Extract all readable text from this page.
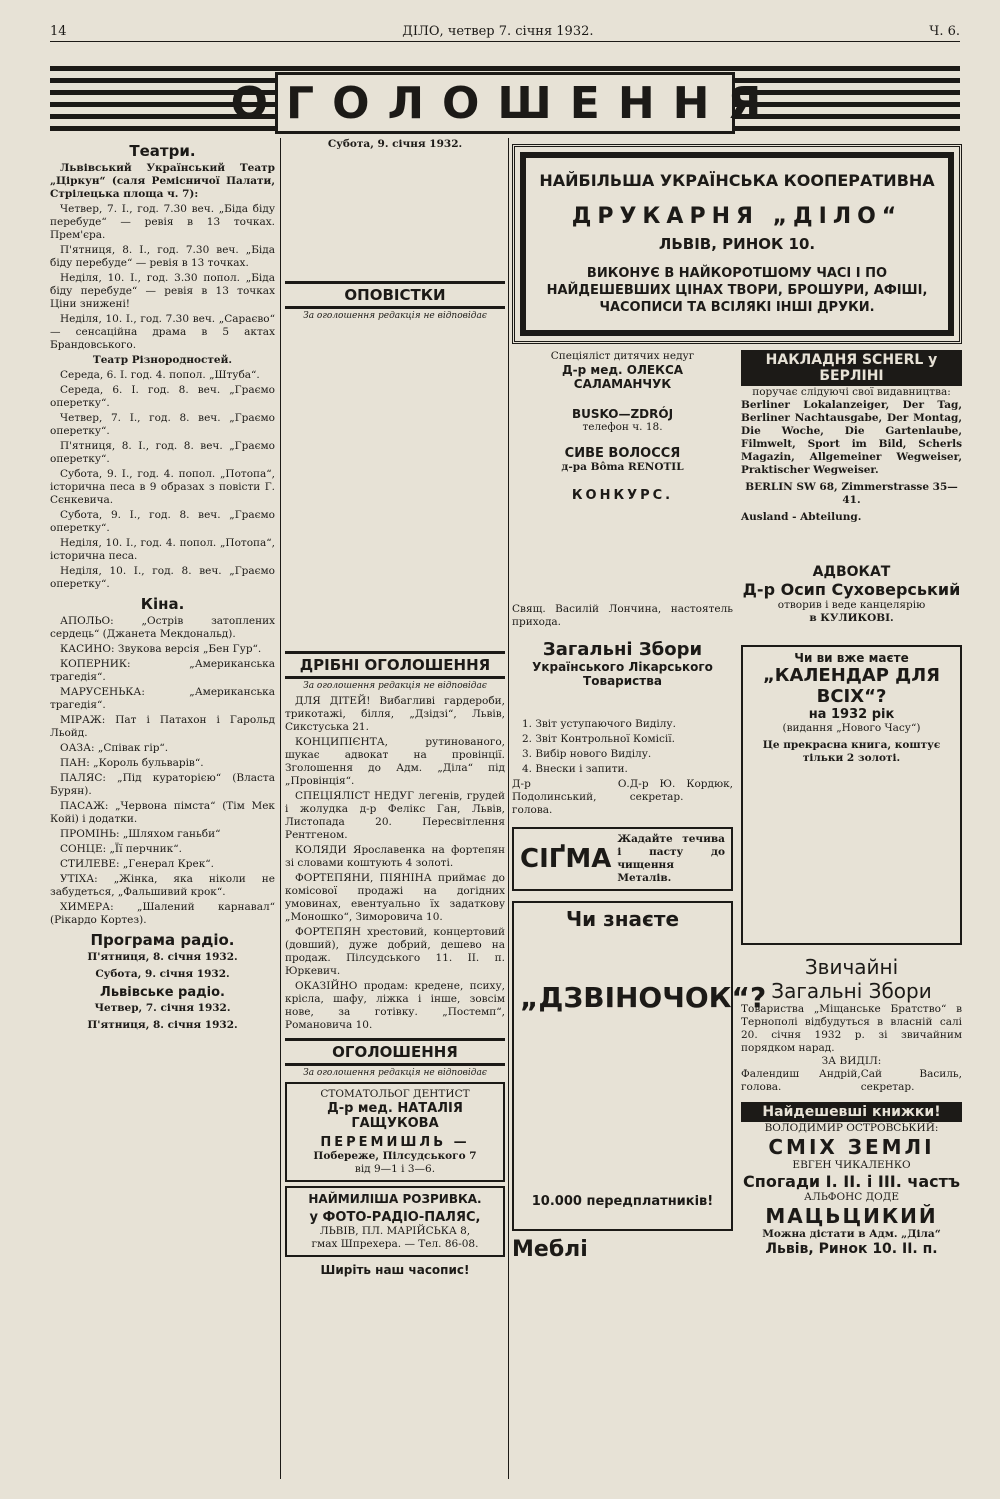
14	ДІЛО, четвер 7. січня 1932.	Ч. 6.
ОГОЛОШЕННЯ
Театри.

Львівський Український Театр „Ціркун“ (саля Ремісничої Палати, Стрілецька площа ч. 7):

Четвер, 7. І., год. 7.30 веч. „Біда біду перебуде“ — ревія в 13 точках. Прем'єра.

П'ятниця, 8. І., год. 7.30 веч. „Біда біду перебуде“ — ревія в 13 точках.

Неділя, 10. І., год. 3.30 попол. „Біда біду перебуде“ — ревія в 13 точках Ціни знижені!

Неділя, 10. І., год. 7.30 веч. „Сараєво“ — сенсаційна драма в 5 актах Брандовського.

Театр Різнородностей.

Середа, 6. І. год. 4. попол. „Штуба“.

Середа, 6. І. год. 8. веч. „Граємо оперетку“.

Четвер, 7. І., год. 8. веч. „Граємо оперетку“.

П'ятниця, 8. І., год. 8. веч. „Граємо оперетку“.

Субота, 9. І., год. 4. попол. „Потопа“, історична песа в 9 образах з повісти Г. Сєнкевича.

Субота, 9. І., год. 8. веч. „Граємо оперетку“.

Неділя, 10. І., год. 4. попол. „Потопа“, історична песа.

Неділя, 10. І., год. 8. веч. „Граємо оперетку“.

Кіна.

АПОЛЬО: „Острів затоплених сердець“ (Джанета Мекдональд).

КАСИНО: Звукова версія „Бен Гур“.

КОПЕРНИК: „Американська трагедія“.

МАРУСЕНЬКА: „Американська трагедія“.

МІРАЖ: Пат і Патахон і Гарольд Льойд.

ОАЗА: „Співак гір“.

ПАН: „Король бульварів“.

ПАЛЯС: „Під кураторією“ (Власта Бурян).

ПАСАЖ: „Червона пімста“ (Тім Мек Койі) і додатки.

ПРОМІНЬ: „Шляхом ганьби“

СОНЦЕ: „Її перчник“.

СТИЛЕВЕ: „Генерал Крек“.

УТІХА: „Жінка, яка ніколи не забудеться, „Фальшивий крок“.

ХИМЕРА: „Шалений карнавал“ (Рікардо Кортез).

Програма радіо.
П'ятниця, 8. січня 1932.
Субота, 9. січня 1932.
Львівське радіо.
Четвер, 7. січня 1932.
П'ятниця, 8. січня 1932.
Субота, 9. січня 1932.
ОПОВІСТКИ
За оголошення редакція не відповідає
ДРІБНІ ОГОЛОШЕННЯ
За оголошення редакція не відповідає

ДЛЯ ДІТЕЙ! Вибагливі гардероби, трикотажі, білля, „Дзідзі“, Львів, Сикстуська 21.

КОНЦИПІЄНТА, рутинованого, шукає адвокат на провінції. Зголошення до Адм. „Діла“ під „Провінція“.

СПЕЦІЯЛІСТ НЕДУГ легенів, грудей і жолудка д-р Фелікс Ган, Львів, Листопада 20. Пересвітлення Рентгеном.

КОЛЯДИ Ярославенка на фортепян зі словами коштують 4 золоті.

ФОРТЕПЯНИ, ПІЯНІНА приймає до комісової продажі на догідних умовинах, евентуально їх задаткову „Моношко“, Зиморовича 10.

ФОРТЕПЯН хрестовий, концертовий (довший), дуже добрий, дешево на продаж. Пілсудського 11. II. п. Юркевич.

ОКАЗІЙНО продам: кредене, психу, крісла, шафу, ліжка і інше, зовсім нове, за готівку. „Постемп“, Романовича 10.

ОГОЛОШЕННЯ
За оголошення редакція не відповідає
СТОМАТОЛЬОГ ДЕНТИСТ
Д-р мед. НАТАЛІЯ ГАЩУКОВА
ПЕРЕМИШЛЬ —
Побереже, Пілсудського 7
від 9—1 і 3—6.
НАЙМИЛІША РОЗРИВКА.
у ФОТО-РАДІО-ПАЛЯС,
ЛЬВІВ, ПЛ. МАРІЙСЬКА 8,
гмах Шпрехера. — Тел. 86-08.
Ширіть наш часопис!
НАЙБІЛЬША УКРАЇНСЬКА КООПЕРАТИВНА
ДРУКАРНЯ „ДІЛО“
ЛЬВІВ, РИНОК 10.
ВИКОНУЄ В НАЙКОРОТШОМУ ЧАСІ І ПО НАЙДЕШЕВШИХ ЦІНАХ ТВОРИ, БРОШУРИ, АФІШІ, ЧАСОПИСИ ТА ВСІЛЯКІ ІНШІ ДРУКИ.
Спеціяліст дитячих недуг
Д-р мед. ОЛЕКСА САЛАМАНЧУК
BUSKO—ZDRÓJ
телефон ч. 18.
СИВЕ ВОЛОССЯ
д-ра Вôma RENOTIL
КОНКУРС.
Свящ. Василій Лончина, настоятель прихода.
Загальні Збори
Українського Лікарського Товариства

1. Звіт уступаючого Виділу.

2. Звіт Контрольної Комісії.

3. Вибір нового Виділу.

4. Внески і запити.

Д-р О. Подолинський, голова.
Д-р Ю. Кордюк, секретар.
СІҐМА
Жадайте течива і пасту до чищення Металів.
Чи знаєте
„ДЗВІНОЧОК“?
10.000 передплатників!
Меблі
НАКЛАДНЯ SCHERL у БЕРЛІНІ
поручає слідуючі свої видавництва:
Berliner Lokalanzeiger, Der Tag, Berliner Nachtausgabe, Der Montag, Die Woche, Die Gartenlaube, Filmwelt, Sport im Bild, Scherls Magazin, Allgemeiner Wegweiser, Praktischer Wegweiser.
BERLIN SW 68, Zimmerstrasse 35—41.
Ausland - Abteilung.
АДВОКАТ
Д-р Осип Суховерський
отворив і веде канцелярію
в КУЛИКОВІ.
Чи ви вже маєте
„КАЛЕНДАР ДЛЯ ВСІХ“?
на 1932 рік
(видання „Нового Часу“)
Це прекрасна книга, коштує тільки 2 золоті.
Звичайні
Загальні Збори
Товариства „Міщанське Братство“ в Тернополі відбудуться в власній салі 20. січня 1932 р. зі звичайним порядком нарад.
ЗА ВИДІЛ:
Фалендиш Андрій, голова.
Сай Василь, секретар.
Найдешевші книжки!
ВОЛОДИМИР ОСТРОВСЬКИЙ:
СМІХ ЗЕМЛІ
ЕВГЕН ЧИКАЛЕНКО
Спогади I. II. і III. частъ
АЛЬФОНС ДОДЕ
МАЦЬЦИКИЙ
Можна дістати в Адм. „Діла“
Львів, Ринок 10. II. п.
